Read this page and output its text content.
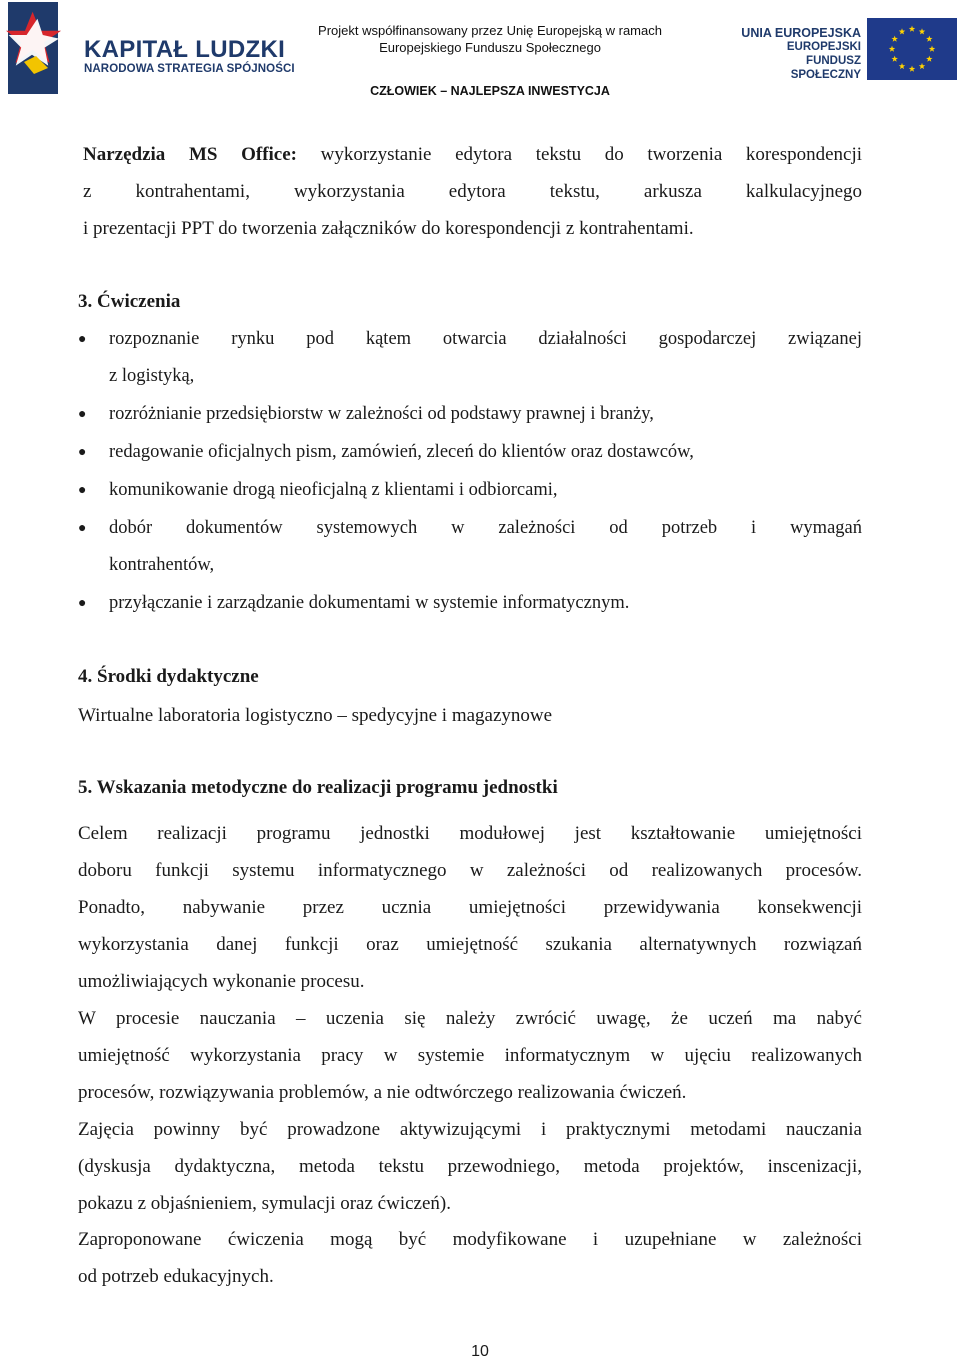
KAPITAŁ LUDZKI
NARODOWA STRATEGIA SPÓJNOŚCI
Projekt współfinansowany przez Unię Europejską w ramach
Europejskiego Funduszu Społecznego
CZŁOWIEK – NAJLEPSZA INWESTYCJA
UNIA EUROPEJSKA
EUROPEJSKI
FUNDUSZ SPOŁECZNY
Narzędzia MS Office: wykorzystanie edytora tekstu do tworzenia korespondencji
z kontrahentami, wykorzystania edytora tekstu, arkusza kalkulacyjnego
i prezentacji PPT do tworzenia załączników do korespondencji z kontrahentami.
3. Ćwiczenia
● rozpoznanie rynku pod kątem otwarcia działalności gospodarczej związanej
z logistyką,
● rozróżnianie przedsiębiorstw w zależności od podstawy prawnej i branży,
● redagowanie oficjalnych pism, zamówień, zleceń do klientów oraz dostawców,
● komunikowanie drogą nieoficjalną z klientami i odbiorcami,
● dobór dokumentów systemowych w zależności od potrzeb i wymagań
kontrahentów,
● przyłączanie i zarządzanie dokumentami w systemie informatycznym.
4. Środki dydaktyczne
Wirtualne laboratoria logistyczno – spedycyjne i magazynowe
5. Wskazania metodyczne do realizacji programu jednostki
Celem realizacji programu jednostki modułowej jest kształtowanie umiejętności
doboru funkcji systemu informatycznego w zależności od realizowanych procesów.
Ponadto, nabywanie przez ucznia umiejętności przewidywania konsekwencji
wykorzystania danej funkcji oraz umiejętność szukania alternatywnych rozwiązań
umożliwiających wykonanie procesu.
W procesie nauczania – uczenia się należy zwrócić uwagę, że uczeń ma nabyć
umiejętność wykorzystania pracy w systemie informatycznym w ujęciu realizowanych
procesów, rozwiązywania problemów, a nie odtwórczego realizowania ćwiczeń.
Zajęcia powinny być prowadzone aktywizującymi i praktycznymi metodami nauczania
(dyskusja dydaktyczna, metoda tekstu przewodniego, metoda projektów, inscenizacji,
pokazu z objaśnieniem, symulacji oraz ćwiczeń).
Zaproponowane ćwiczenia mogą być modyfikowane i uzupełniane w zależności
od potrzeb edukacyjnych.
10
